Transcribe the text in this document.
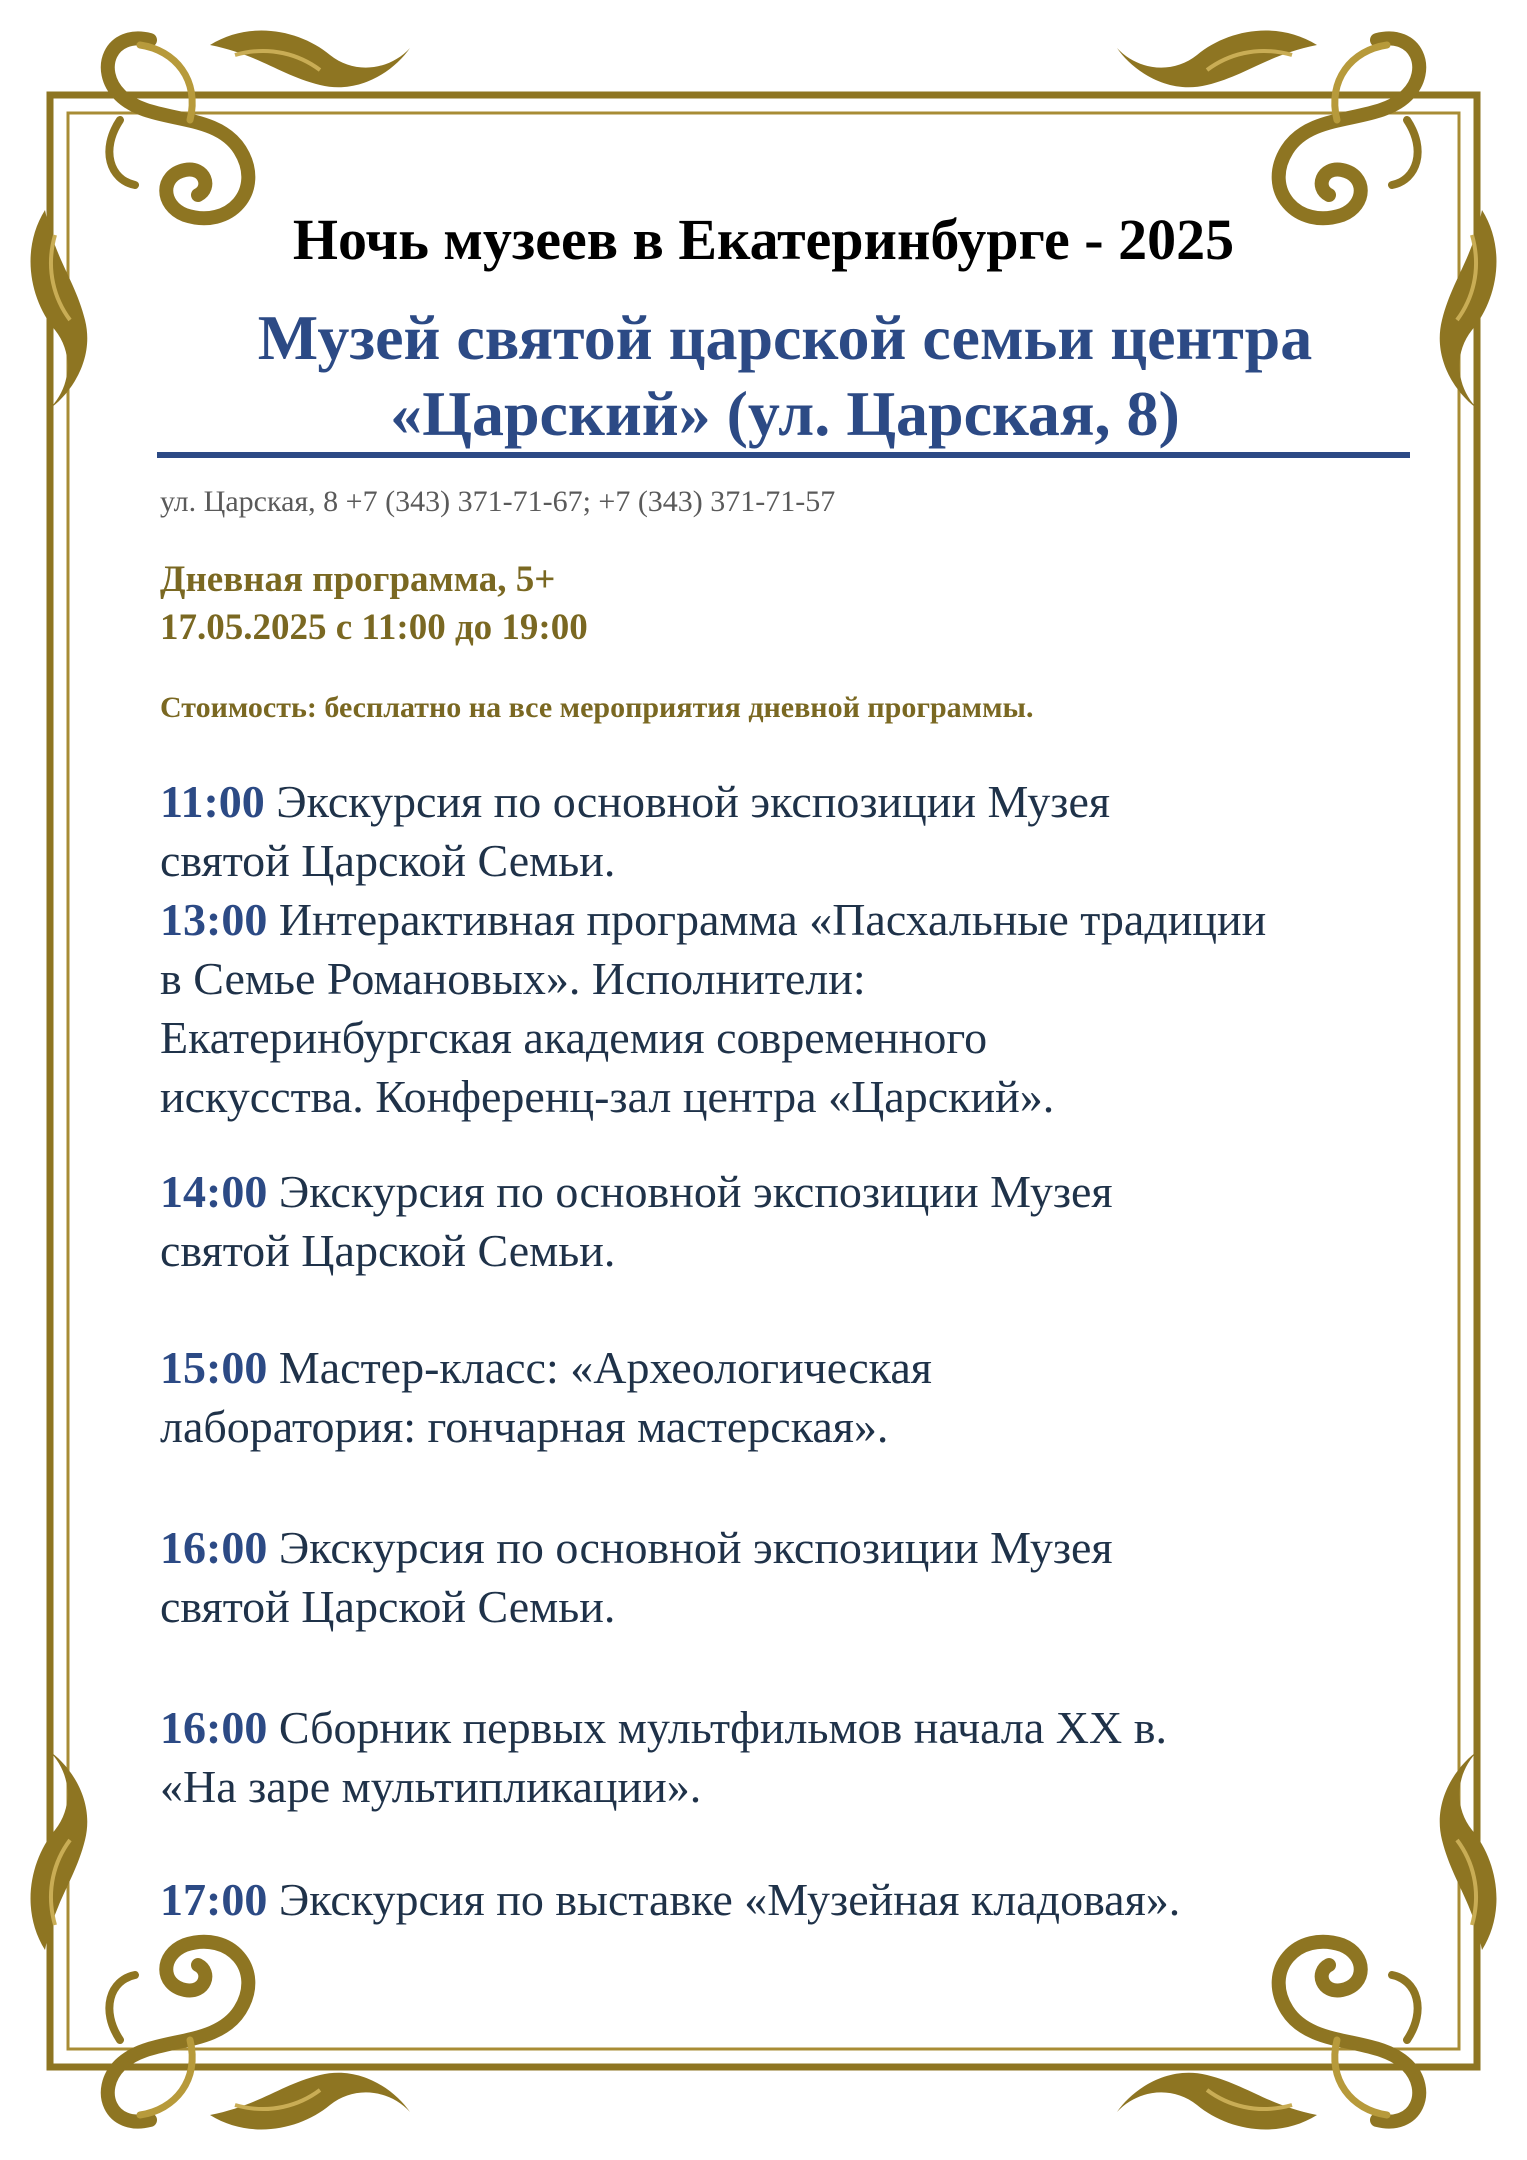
Ночь музеев в Екатеринбурге - 2025
Музей святой царской семьи центра
«Царский» (ул. Царская, 8)
ул. Царская, 8 +7 (343) 371-71-67; +7 (343) 371-71-57
Дневная программа, 5+
17.05.2025 с 11:00 до 19:00
Стоимость: бесплатно на все мероприятия дневной программы.
11:00 Экскурсия по основной экспозиции Музея
святой Царской Семьи.
13:00 Интерактивная программа «Пасхальные традиции
в Семье Романовых». Исполнители:
Екатеринбургская академия современного
искусства. Конференц-зал центра «Царский».
14:00 Экскурсия по основной экспозиции Музея
святой Царской Семьи.
15:00 Мастер-класс: «Археологическая
лаборатория: гончарная мастерская».
16:00 Экскурсия по основной экспозиции Музея
святой Царской Семьи.
16:00 Сборник первых мультфильмов начала XX в.
«На заре мультипликации».
17:00 Экскурсия по выставке «Музейная кладовая».
